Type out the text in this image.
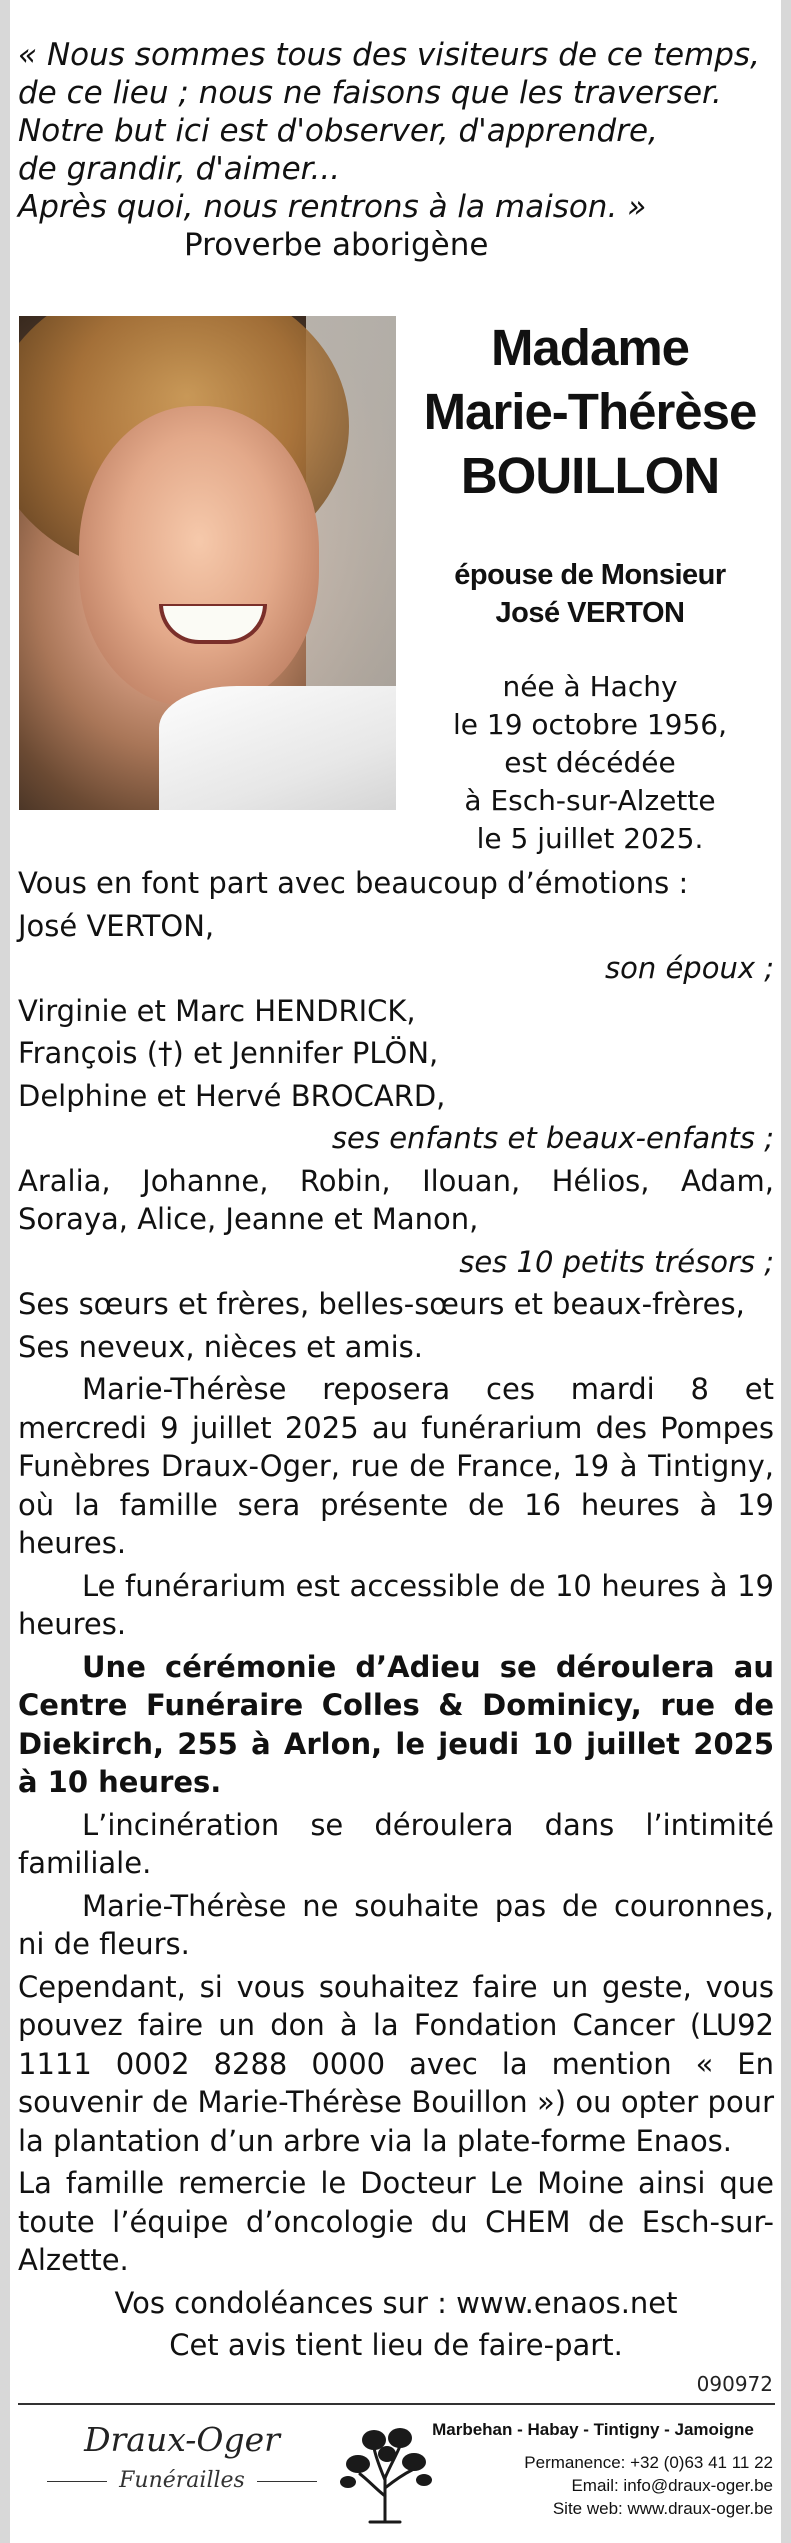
« Nous sommes tous des visiteurs de ce temps,
de ce lieu ; nous ne faisons que les traverser.
Notre but ici est d'observer, d'apprendre,
de grandir, d'aimer...
Après quoi, nous rentrons à la maison. »
Proverbe aborigène
Madame
Marie-Thérèse
BOUILLON
épouse de Monsieur
José VERTON
née à Hachy
le 19 octobre 1956,
est décédée
à Esch-sur-Alzette
le 5 juillet 2025.
Vous en font part avec beaucoup d’émotions :
José VERTON,
son époux ;
Virginie et Marc HENDRICK,
François (†) et Jennifer PLÖN,
Delphine et Hervé BROCARD,
ses enfants et beaux-enfants ;
Aralia, Johanne, Robin, Ilouan, Hélios, Adam, Soraya, Alice, Jeanne et Manon,
ses 10 petits trésors ;
Ses sœurs et frères, belles-sœurs et beaux-frères,
Ses neveux, nièces et amis.
Marie-Thérèse reposera ces mardi 8 et mercredi 9 juillet 2025 au funérarium des Pompes Funèbres Draux-Oger, rue de France, 19 à Tintigny, où la famille sera présente de 16 heures à 19 heures.
Le funérarium est accessible de 10 heures à 19 heures.
Une cérémonie d’Adieu se déroulera au Centre Funéraire Colles & Dominicy, rue de Diekirch, 255 à Arlon, le jeudi 10 juillet 2025 à 10 heures.
L’incinération se déroulera dans l’intimité familiale.
Marie-Thérèse ne souhaite pas de couronnes, ni de fleurs.
Cependant, si vous souhaitez faire un geste, vous pouvez faire un don à la Fondation Cancer (LU92 1111 0002 8288 0000 avec la mention « En souvenir de Marie-Thérèse Bouillon ») ou opter pour la plantation d’un arbre via la plate-forme Enaos.
La famille remercie le Docteur Le Moine ainsi que toute l’équipe d’oncologie du CHEM de Esch-sur-Alzette.
Vos condoléances sur : www.enaos.net
Cet avis tient lieu de faire-part.
090972
Draux-Oger
Funérailles
Marbehan - Habay - Tintigny - Jamoigne
Permanence: +32 (0)63 41 11 22
Email: info@draux-oger.be
Site web: www.draux-oger.be
